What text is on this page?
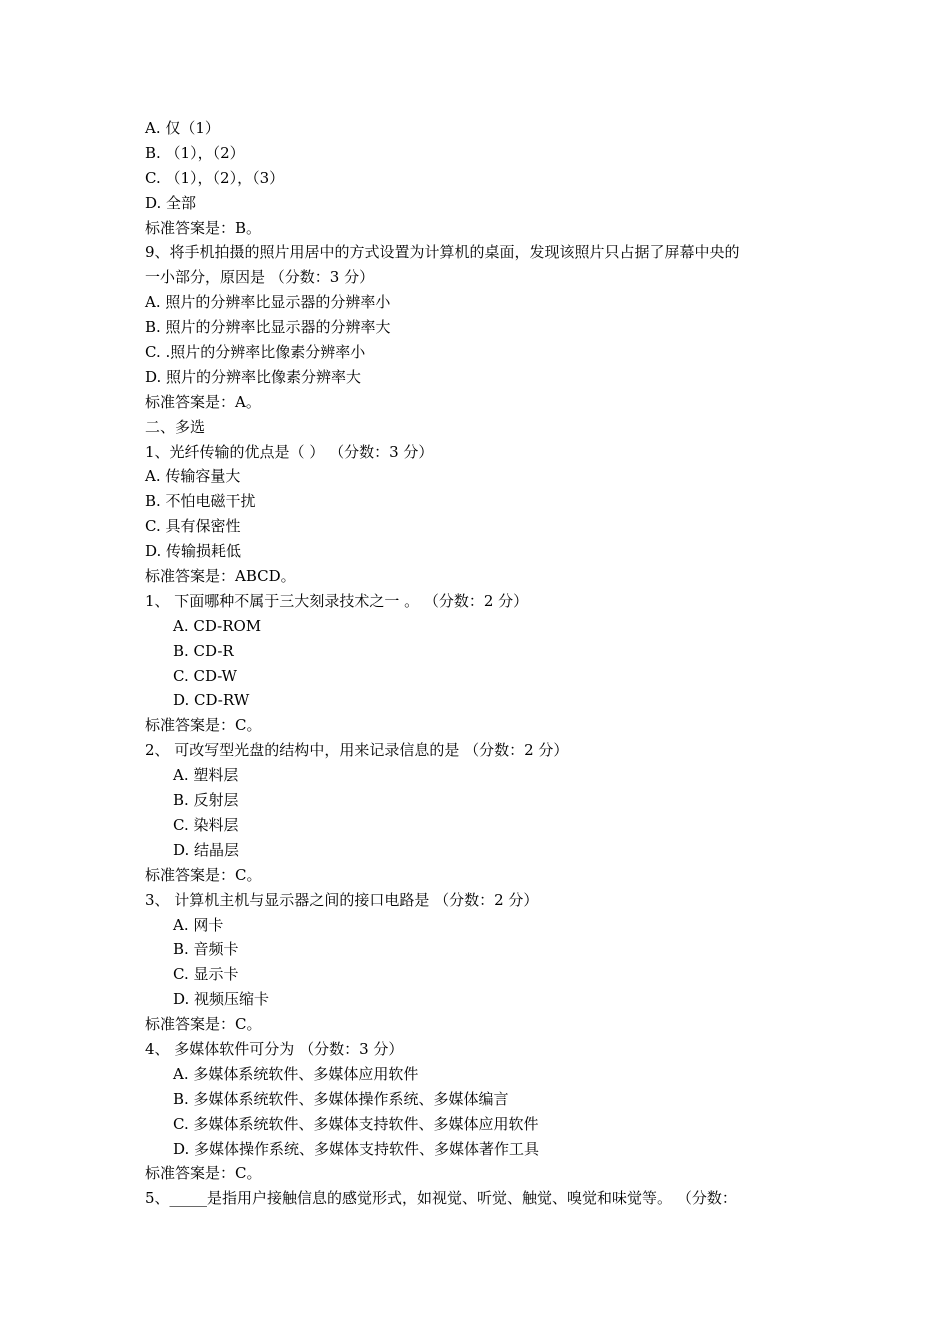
A. 仅（1）
B. （1），（2）
C. （1），（2），（3）
D. 全部
标准答案是：B。
9、将手机拍摄的照片用居中的方式设置为计算机的桌面，发现该照片只占据了屏幕中央的
一小部分，原因是 （分数：3 分）
A. 照片的分辨率比显示器的分辨率小
B. 照片的分辨率比显示器的分辨率大
C. .照片的分辨率比像素分辨率小
D. 照片的分辨率比像素分辨率大
标准答案是：A。
二、多选
1、光纤传输的优点是（ ） （分数：3 分）
A. 传输容量大
B. 不怕电磁干扰
C. 具有保密性
D. 传输损耗低
标准答案是：ABCD。
1、 下面哪种不属于三大刻录技术之一 。 （分数：2 分）
A. CD-ROM
B. CD-R
C. CD-W
D. CD-RW
标准答案是：C。
2、 可改写型光盘的结构中，用来记录信息的是 （分数：2 分）
A. 塑料层
B. 反射层
C. 染料层
D. 结晶层
标准答案是：C。
3、 计算机主机与显示器之间的接口电路是 （分数：2 分）
A. 网卡
B. 音频卡
C. 显示卡
D. 视频压缩卡
标准答案是：C。
4、 多媒体软件可分为 （分数：3 分）
A. 多媒体系统软件、多媒体应用软件
B. 多媒体系统软件、多媒体操作系统、多媒体编言
C. 多媒体系统软件、多媒体支持软件、多媒体应用软件
D. 多媒体操作系统、多媒体支持软件、多媒体著作工具
标准答案是：C。
5、_____是指用户接触信息的感觉形式，如视觉、听觉、触觉、嗅觉和味觉等。 （分数：
